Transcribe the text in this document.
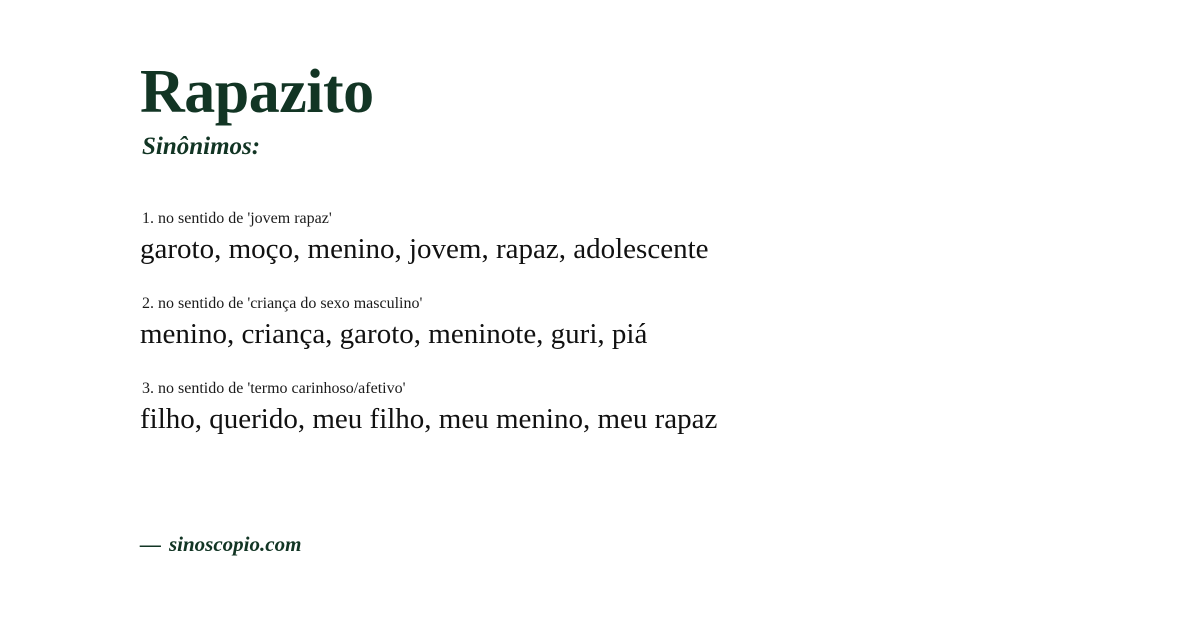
Rapazito
Sinônimos:

1. no sentido de 'jovem rapaz'

garoto, moço, menino, jovem, rapaz, adolescente

2. no sentido de 'criança do sexo masculino'

menino, criança, garoto, meninote, guri, piá

3. no sentido de 'termo carinhoso/afetivo'

filho, querido, meu filho, meu menino, meu rapaz

— sinoscopio.com
